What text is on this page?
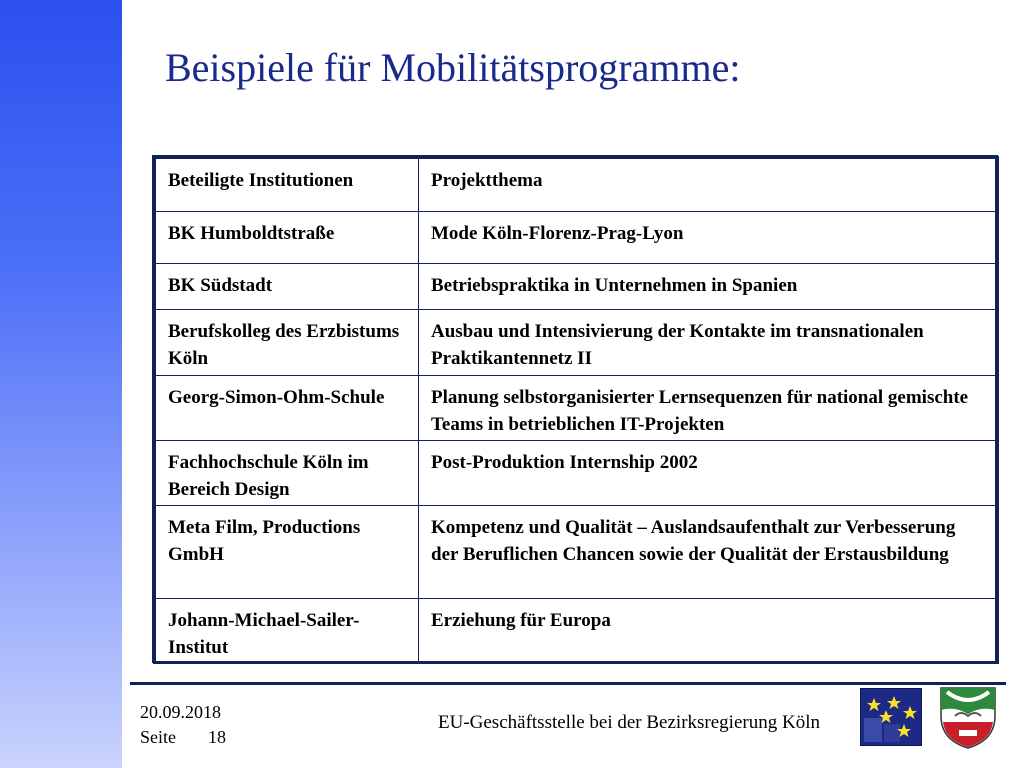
Beispiele für Mobilitätsprogramme:
Beteiligte Institutionen	Projektthema
BK Humboldtstraße	Mode Köln-Florenz-Prag-Lyon
BK Südstadt	Betriebspraktika in Unternehmen in Spanien
Berufskolleg des Erzbistums Köln	Ausbau und Intensivierung der Kontakte im transnationalen Praktikantennetz II
Georg-Simon-Ohm-Schule	Planung selbstorganisierter Lernsequenzen für national gemischte Teams in betrieblichen IT-Projekten
Fachhochschule Köln im Bereich Design	Post-Produktion Internship 2002
Meta Film, Productions GmbH	Kompetenz und Qualität – Auslandsaufenthalt zur Verbesserung der Beruflichen Chancen sowie der Qualität der Erstausbildung
Johann-Michael-Sailer-Institut	Erziehung für Europa

20.09.2018

Seite 18

EU-Geschäftsstelle bei der Bezirksregierung Köln
